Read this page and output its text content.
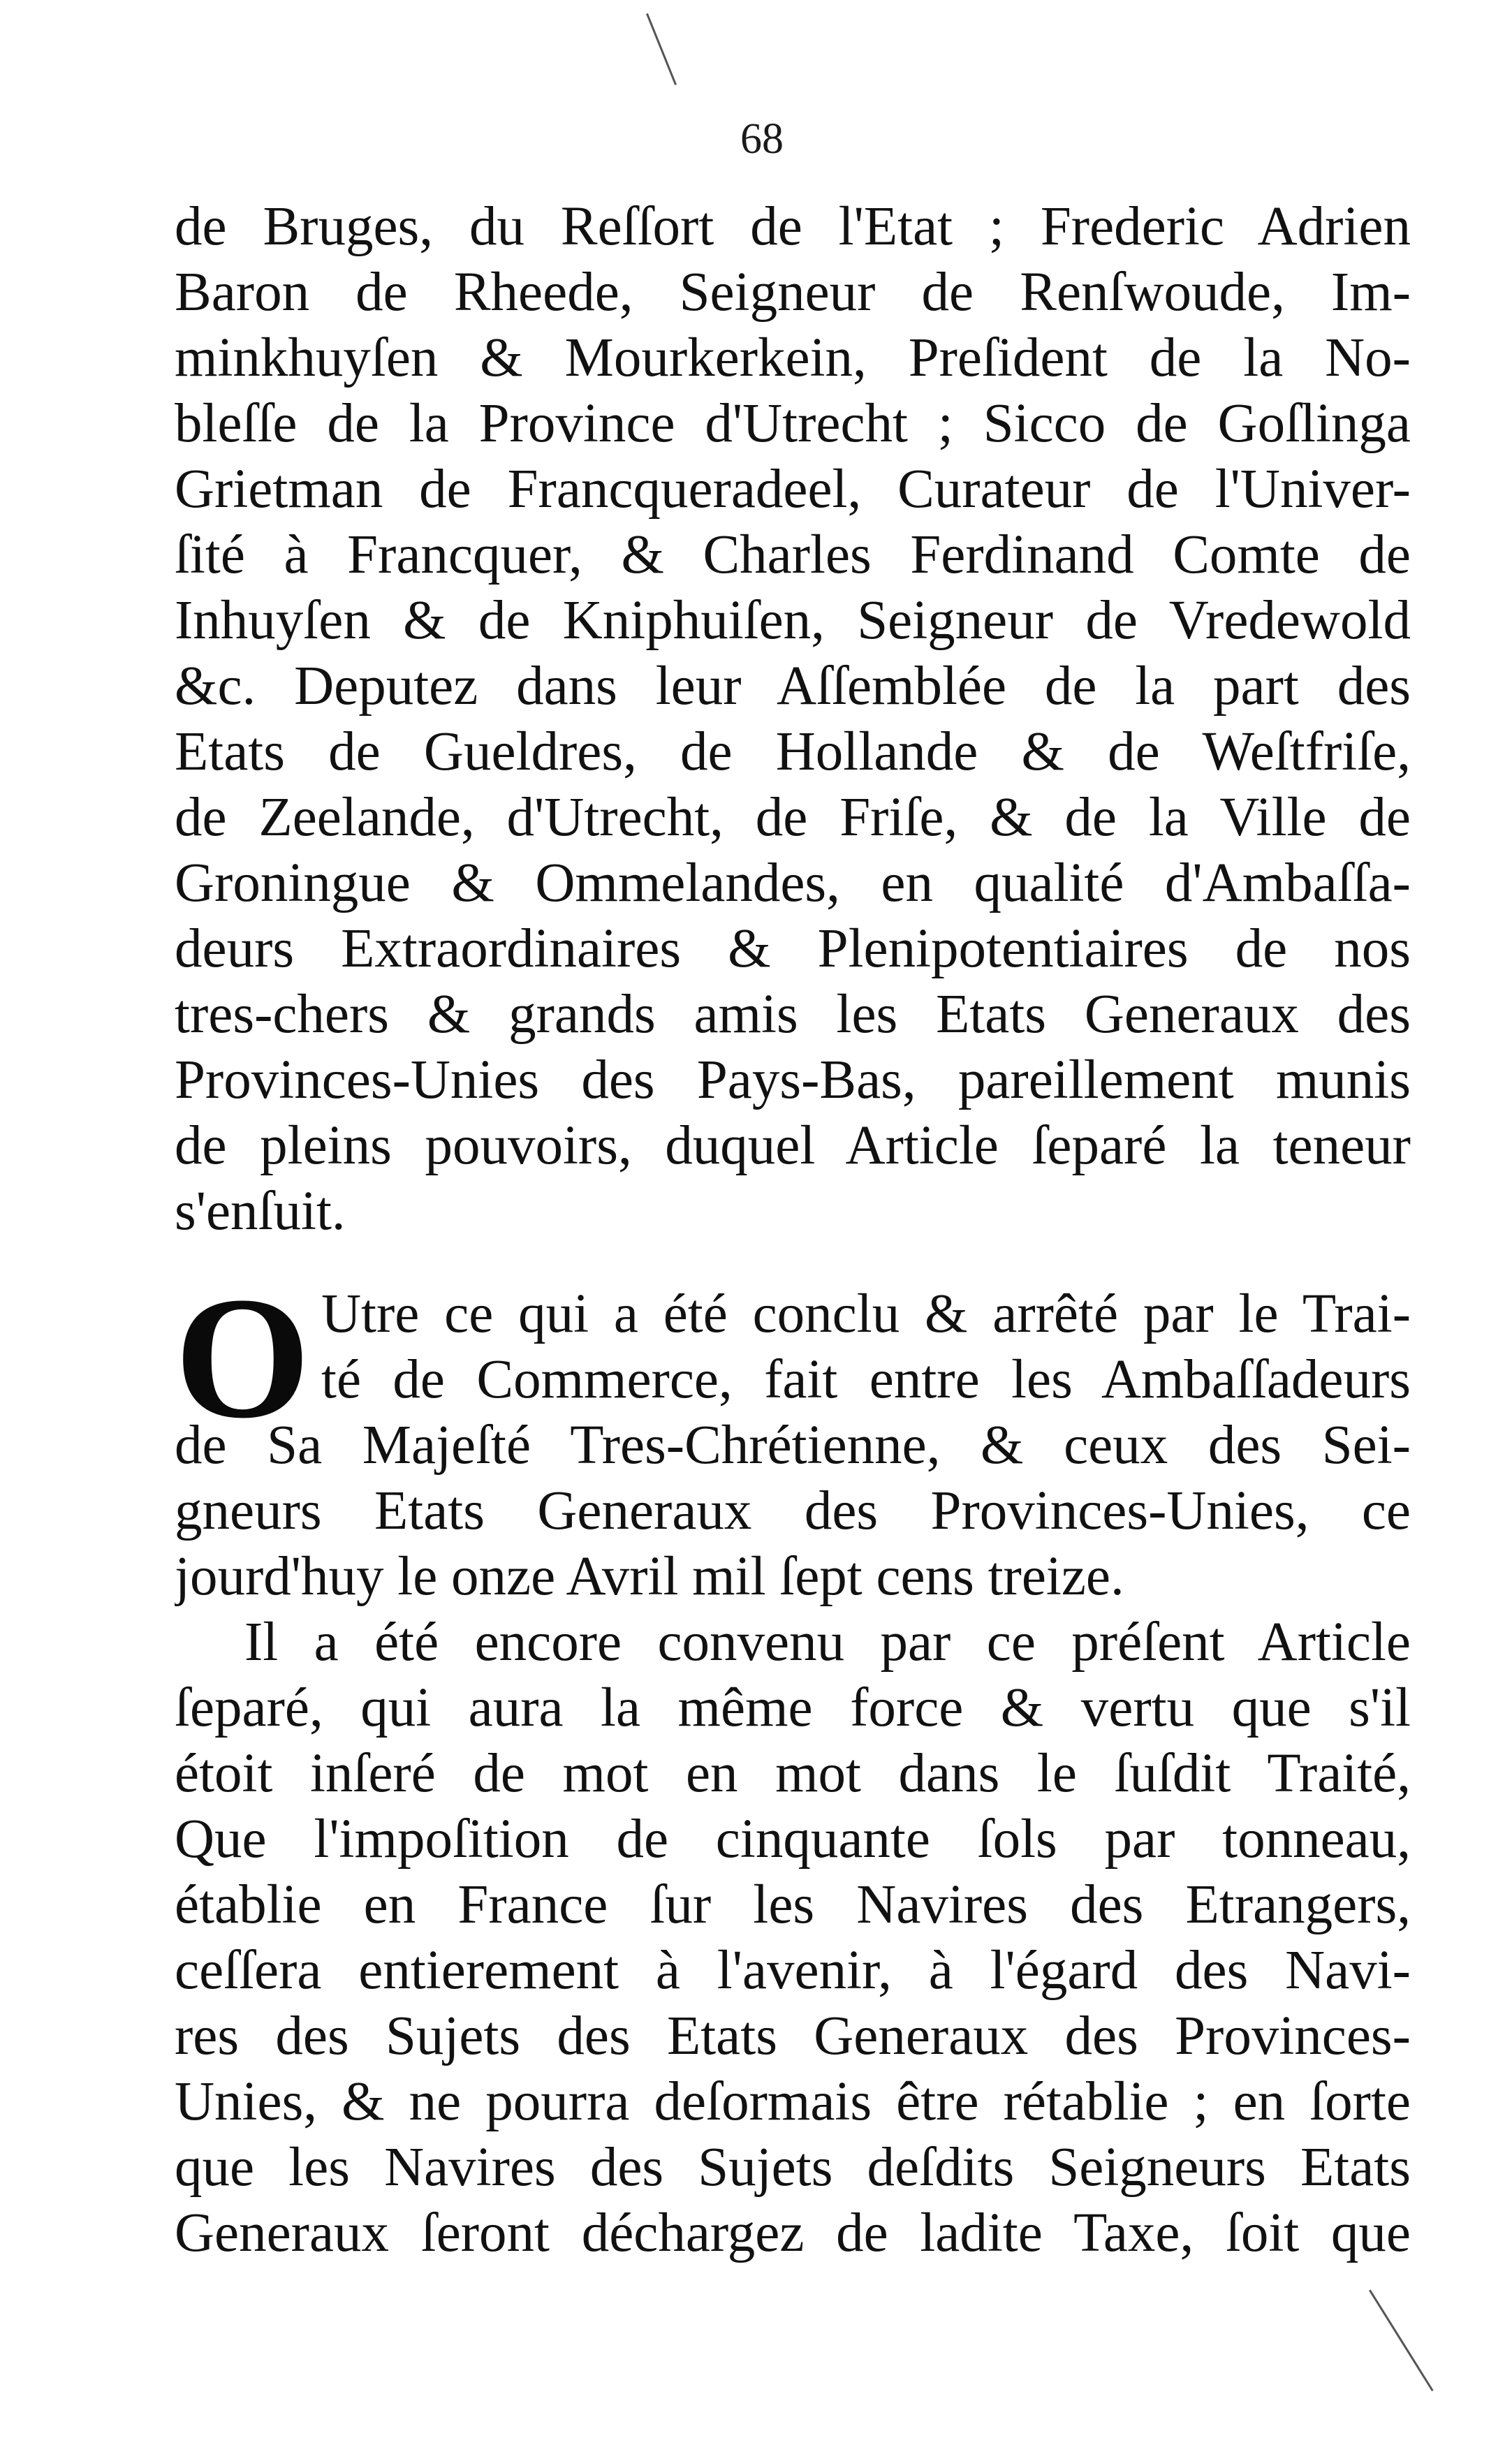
68
de Bruges, du Reſſort de l'Etat ; Frederic Adrien
Baron de Rheede, Seigneur de Renſwoude, Im-
minkhuyſen & Mourkerkein, Preſident de la No-
bleſſe de la Province d'Utrecht ; Sicco de Goſlinga
Grietman de Francqueradeel, Curateur de l'Univer-
ſité à Francquer, & Charles Ferdinand Comte de
Inhuyſen & de Kniphuiſen, Seigneur de Vredewold
&c. Deputez dans leur Aſſemblée de la part des
Etats de Gueldres, de Hollande & de Weſtfriſe,
de Zeelande, d'Utrecht, de Friſe, & de la Ville de
Groningue & Ommelandes, en qualité d'Ambaſſa-
deurs Extraordinaires & Plenipotentiaires de nos
tres-chers & grands amis les Etats Generaux des
Provinces-Unies des Pays-Bas, pareillement munis
de pleins pouvoirs, duquel Article ſeparé la teneur
s'enſuit.
O Utre ce qui a été conclu & arrêté par le Trai-
té de Commerce, fait entre les Ambaſſadeurs
de Sa Majeſté Tres-Chrétienne, & ceux des Sei-
gneurs Etats Generaux des Provinces-Unies, ce
jourd'huy le onze Avril mil ſept cens treize.
Il a été encore convenu par ce préſent Article
ſeparé, qui aura la même force & vertu que s'il
étoit inſeré de mot en mot dans le ſuſdit Traité,
Que l'impoſition de cinquante ſols par tonneau,
établie en France ſur les Navires des Etrangers,
ceſſera entierement à l'avenir, à l'égard des Navi-
res des Sujets des Etats Generaux des Provinces-
Unies, & ne pourra deſormais être rétablie ; en ſorte
que les Navires des Sujets deſdits Seigneurs Etats
Generaux ſeront déchargez de ladite Taxe, ſoit que
